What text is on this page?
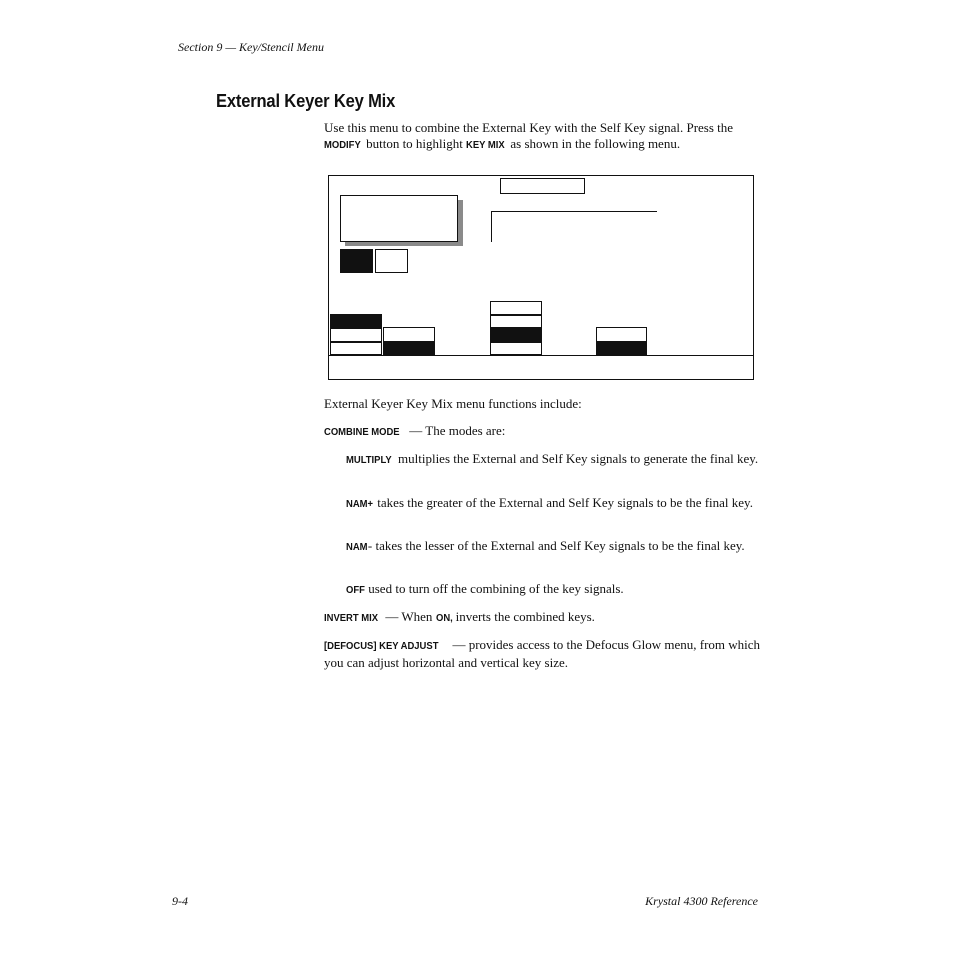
Section 9 — Key/Stencil Menu
External Keyer Key Mix
Use this menu to combine the External Key with the Self Key signal. Press the MODIFY button to highlight KEY MIX as shown in the following menu.
External Keyer Key Mix menu functions include:
COMBINE MODE — The modes are:
MULTIPLY multiplies the External and Self Key signals to generate the final key.
NAM+ takes the greater of the External and Self Key signals to be the final key.
NAM- takes the lesser of the External and Self Key signals to be the final key.
OFF used to turn off the combining of the key signals.
INVERT MIX — When ON, inverts the combined keys.
[DEFOCUS] KEY ADJUST — provides access to the Defocus Glow menu, from which you can adjust horizontal and vertical key size.
9-4	Krystal 4300 Reference
